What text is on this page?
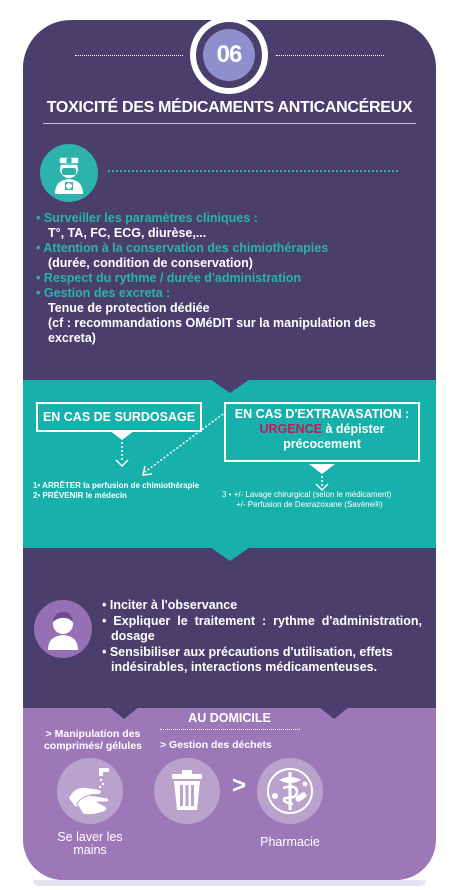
06
TOXICITÉ DES MÉDICAMENTS ANTICANCÉREUX
• Surveiller les paramètres cliniques :
T°, TA, FC, ECG, diurèse,...
• Attention à la conservation des chimiothérapies
(durée, condition de conservation)
• Respect du rythme / durée d'administration
• Gestion des excreta :
Tenue de protection dédiée
(cf : recommandations OMéDIT sur la manipulation des excreta)
EN CAS DE SURDOSAGE	EN CAS D'EXTRAVASATION :
URGENCE à dépister précocement
1• ARRÊTER la perfusion de chimiothérapie
2• PRÉVENIR le médecin	3 • +/- Lavage chirurgical (selon le médicament)
+/- Perfusion de Dexrazoxane (Savène®)
• Inciter à l'observance
• Expliquer le traitement : rythme d'administration, dosage
• Sensibiliser aux précautions d'utilisation, effets indésirables, interactions médicamenteuses.
AU DOMICILE
> Manipulation des comprimés/ gélules	> Gestion des déchets
>
Se laver les mains
Pharmacie
